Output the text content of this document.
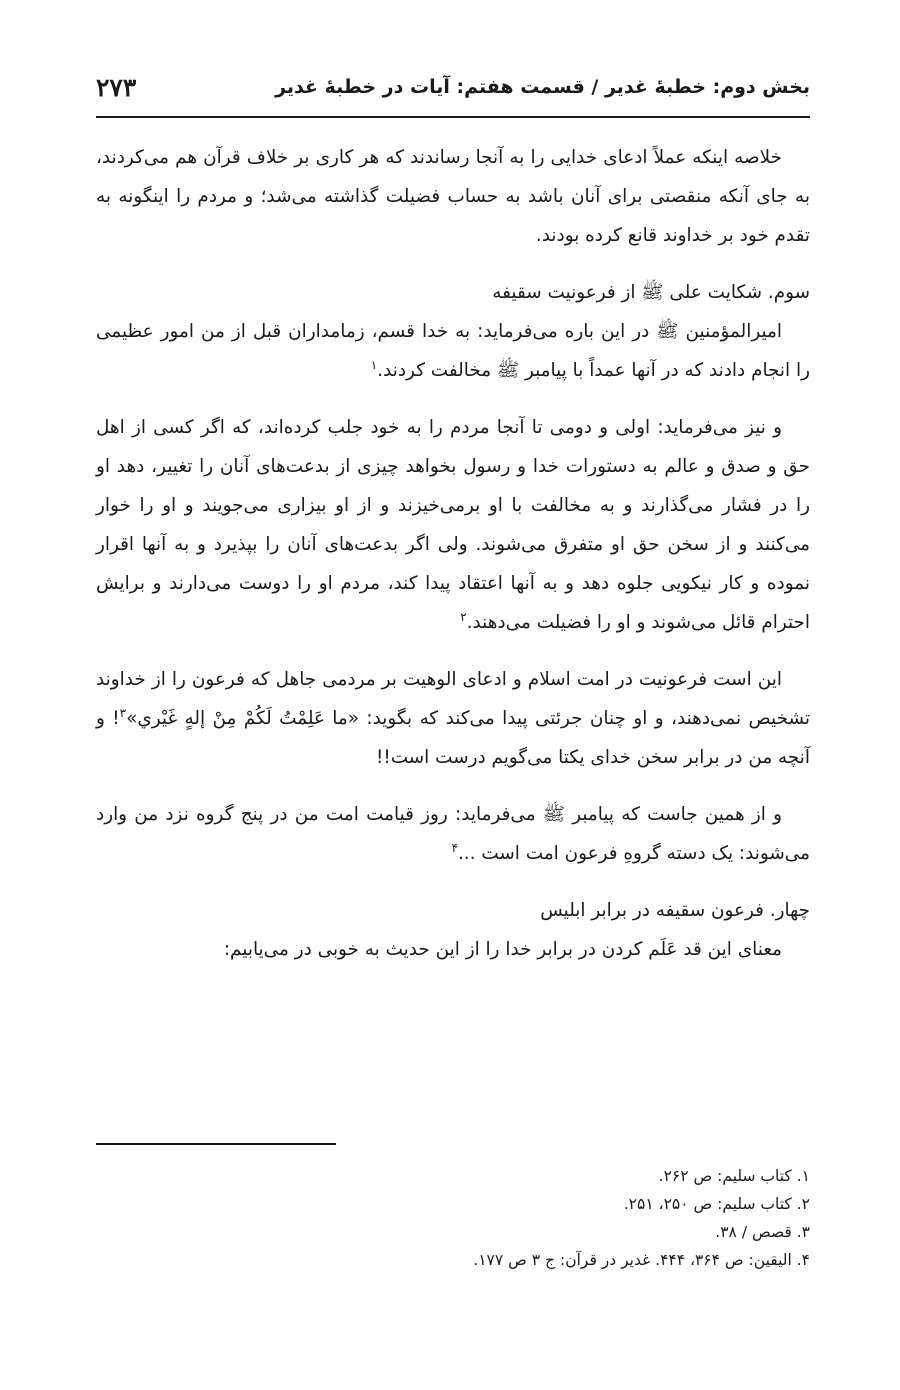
بخش دوم: خطبهٔ غدیر / قسمت هفتم: آیات در خطبهٔ غدیر
۲۷۳

خلاصه اینکه عملاً ادعای خدایی را به آنجا رساندند که هر کاری بر خلاف قرآن هم می‌کردند، به جای آنکه منقصتی برای آنان باشد به حساب فضیلت گذاشته می‌شد؛ و مردم را اینگونه به تقدم خود بر خداوند قانع کرده بودند.

سوم. شکایت علی ﷺ از فرعونیت سقیفه

امیرالمؤمنین ﷺ در این باره می‌فرماید: به خدا قسم، زمامداران قبل از من امور عظیمی را انجام دادند که در آنها عمداً با پیامبر ﷺ مخالفت کردند.$^۱$

و نیز می‌فرماید: اولی و دومی تا آنجا مردم را به خود جلب کرده‌اند، که اگر کسی از اهل حق و صدق و عالم به دستورات خدا و رسول بخواهد چیزی از بدعت‌های آنان را تغییر، دهد او را در فشار می‌گذارند و به مخالفت با او برمی‌خیزند و از او بیزاری می‌جویند و او را خوار می‌کنند و از سخن حق او متفرق می‌شوند. ولی اگر بدعت‌های آنان را بپذیرد و به آنها اقرار نموده و کار نیکویی جلوه دهد و به آنها اعتقاد پیدا کند، مردم او را دوست می‌دارند و برایش احترام قائل می‌شوند و او را فضیلت می‌دهند.$^۲$

این است فرعونیت در امت اسلام و ادعای الوهیت بر مردمی جاهل که فرعون را از خداوند تشخیص نمی‌دهند، و او چنان جرئتی پیدا می‌کند که بگوید: «ما عَلِمْتُ لَكُمْ مِنْ إلهٍ غَيْري»$^۳$! و آنچه من در برابر سخن خدای یکتا می‌گویم درست است!!

و از همین جاست که پیامبر ﷺ می‌فرماید: روز قیامت امت من در پنج گروه نزد من وارد می‌شوند: یک دسته گروهِ فرعون امت است ...$^۴$

چهار. فرعون سقیفه در برابر ابلیس

معنای این قد عَلَم کردن در برابر خدا را از این حدیث به خوبی در می‌یابیم:

۱. کتاب سلیم: ص ۲۶۲.
۲. کتاب سلیم: ص ۲۵۰، ۲۵۱.
۳. قصص / ۳۸.
۴. الیقین: ص ۳۶۴، ۴۴۴. غدیر در قرآن: ج ۳ ص ۱۷۷.
